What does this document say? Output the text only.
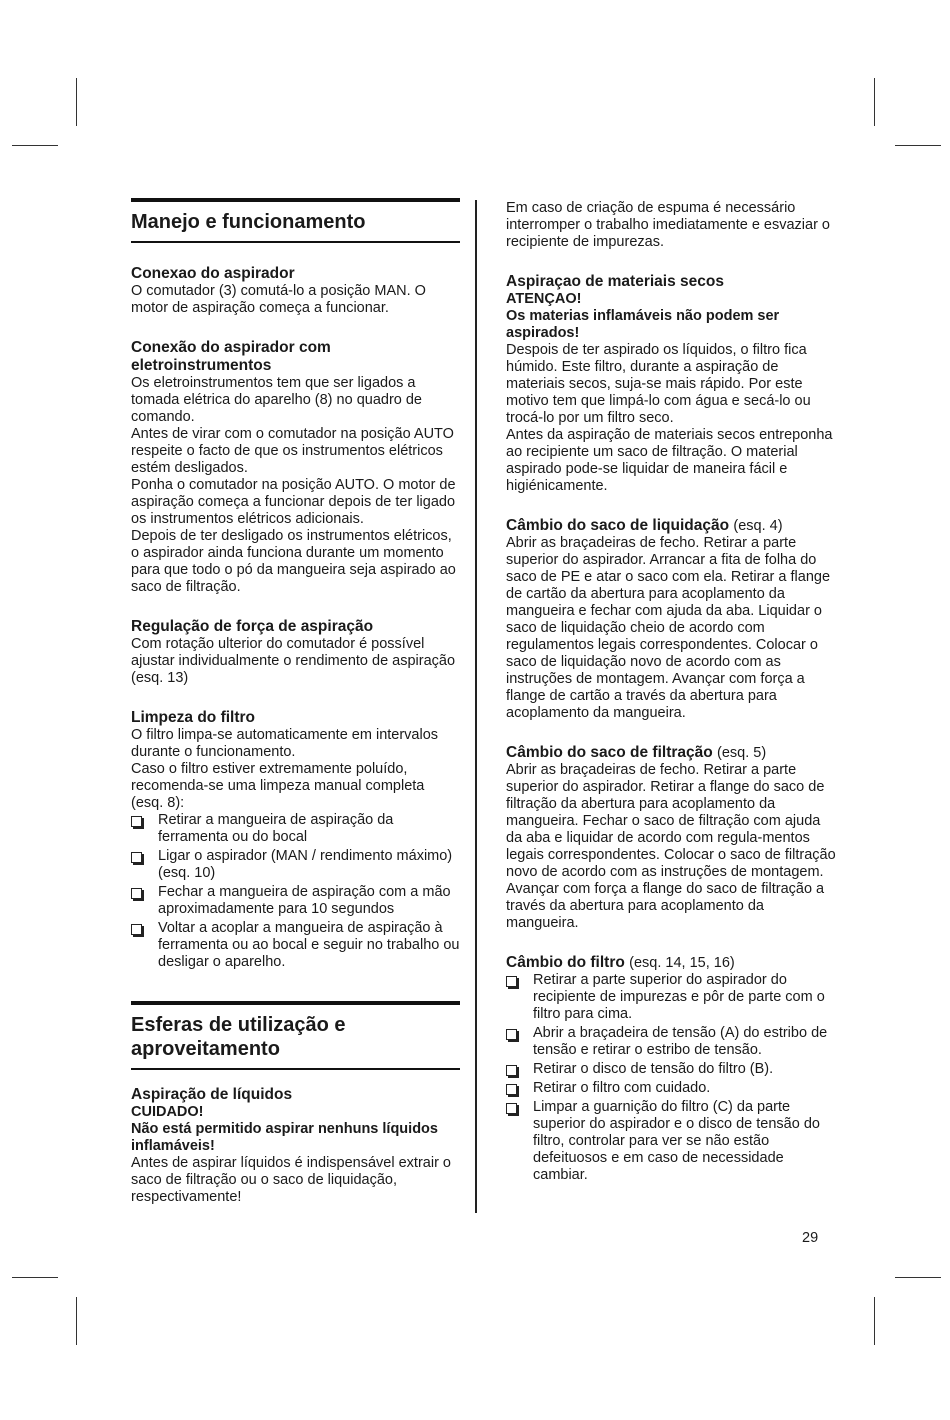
Manejo e funcionamento
Conexao do aspirador

O comutador (3) comutá-lo a posição MAN. O motor de aspiração começa a funcionar.

Conexão do aspirador com eletroinstrumentos

Os eletroinstrumentos tem que ser ligados a tomada elétrica do aparelho (8) no quadro de comando.

Antes de virar com o comutador na posição AUTO respeite o facto de que os instrumentos elétricos estém desligados.

Ponha o comutador na posição AUTO. O motor de aspiração começa a funcionar depois de ter ligado os instrumentos elétricos adicionais.

Depois de ter desligado os instrumentos elétricos, o aspirador ainda funciona durante um momento para que todo o pó da mangueira seja aspirado ao saco de filtração.

Regulação de força de aspiração

Com rotação ulterior do comutador é possível ajustar individualmente o rendimento de aspiração (esq. 13)

Limpeza do filtro

O filtro limpa-se automaticamente em intervalos durante o funcionamento.

Caso o filtro estiver extremamente poluído, recomenda-se uma limpeza manual completa (esq. 8):

Retirar a mangueira de aspiração da ferramenta ou do bocal
Ligar o aspirador (MAN / rendimento máximo) (esq. 10)
Fechar a mangueira de aspiração com a mão aproximadamente para 10 segundos
Voltar a acoplar a mangueira de aspiração à ferramenta ou ao bocal e seguir no trabalho ou desligar o aparelho.
Esferas de utilização e aproveitamento
Aspiração de líquidos
CUIDADO!
Não está permitido aspirar nenhuns líquidos inflamáveis!

Antes de aspirar líquidos é indispensável extrair o saco de filtração ou o saco de liquidação, respectivamente!

Em caso de criação de espuma é necessário interromper o trabalho imediatamente e esvaziar o recipiente de impurezas.

Aspiraçao de materiais secos
ATENÇAO!
Os materias inflamáveis não podem ser aspirados!

Despois de ter aspirado os líquidos, o filtro fica húmido. Este filtro, durante a aspiração de materiais secos, suja-se mais rápido. Por este motivo tem que limpá-lo com água e secá-lo ou trocá-lo por um filtro seco.

Antes da aspiração de materiais secos entreponha ao recipiente um saco de filtração. O material aspirado pode-se liquidar de maneira fácil e higiénicamente.

Câmbio do saco de liquidação (esq. 4)

Abrir as braçadeiras de fecho. Retirar a parte superior do aspirador. Arrancar a fita de folha do saco de PE e atar o saco com ela. Retirar a flange de cartão da abertura para acoplamento da mangueira e fechar com ajuda da aba. Liquidar o saco de liquidação cheio de acordo com regulamentos legais correspondentes. Colocar o saco de liquidação novo de acordo com as instruções de montagem. Avançar com força a flange de cartão a través da abertura para acoplamento da mangueira.

Câmbio do saco de filtração (esq. 5)

Abrir as braçadeiras de fecho. Retirar a parte superior do aspirador. Retirar a flange do saco de filtração da abertura para acoplamento da mangueira. Fechar o saco de filtração com ajuda da aba e liquidar de acordo com regula-mentos legais correspondentes. Colocar o saco de filtração novo de acordo com as instruções de montagem. Avançar com força a flange do saco de filtração a través da abertura para acoplamento da mangueira.

Câmbio do filtro (esq. 14, 15, 16)
Retirar a parte superior do aspirador do recipiente de impurezas e pôr de parte com o filtro para cima.
Abrir a braçadeira de tensão (A) do estribo de tensão e retirar o estribo de tensão.
Retirar o disco de tensão do filtro (B).
Retirar o filtro com cuidado.
Limpar a guarnição do filtro (C) da parte superior do aspirador e o disco de tensão do filtro, controlar para ver se não estão defeituosos e em caso de necessidade cambiar.
29
